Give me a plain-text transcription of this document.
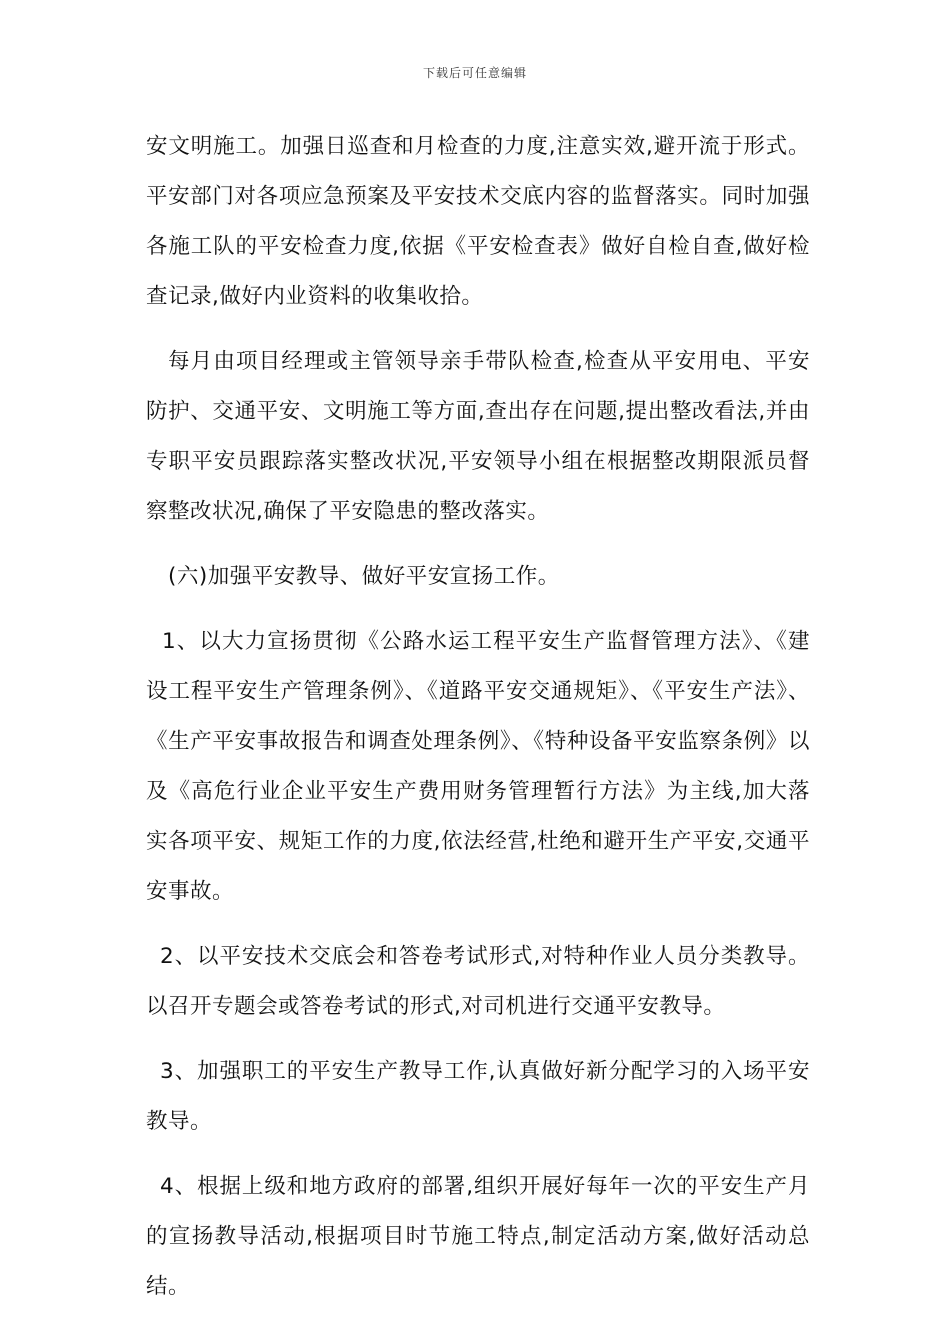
下载后可任意编辑

安文明施工。加强日巡查和月检查的力度,注意实效,避开流于形式。平安部门对各项应急预案及平安技术交底内容的监督落实。同时加强各施工队的平安检查力度,依据《平安检查表》做好自检自查,做好检查记录,做好内业资料的收集收拾。

每月由项目经理或主管领导亲手带队检查,检查从平安用电、平安防护、交通平安、文明施工等方面,查出存在问题,提出整改看法,并由专职平安员跟踪落实整改状况,平安领导小组在根据整改期限派员督察整改状况,确保了平安隐患的整改落实。

(六)加强平安教导、做好平安宣扬工作。

1、以大力宣扬贯彻《公路水运工程平安生产监督管理方法》、《建设工程平安生产管理条例》、《道路平安交通规矩》、《平安生产法》、《生产平安事故报告和调查处理条例》、《特种设备平安监察条例》以及《高危行业企业平安生产费用财务管理暂行方法》为主线,加大落实各项平安、规矩工作的力度,依法经营,杜绝和避开生产平安,交通平安事故。

2、以平安技术交底会和答卷考试形式,对特种作业人员分类教导。以召开专题会或答卷考试的形式,对司机进行交通平安教导。

3、加强职工的平安生产教导工作,认真做好新分配学习的入场平安教导。

4、根据上级和地方政府的部署,组织开展好每年一次的平安生产月的宣扬教导活动,根据项目时节施工特点,制定活动方案,做好活动总结。
